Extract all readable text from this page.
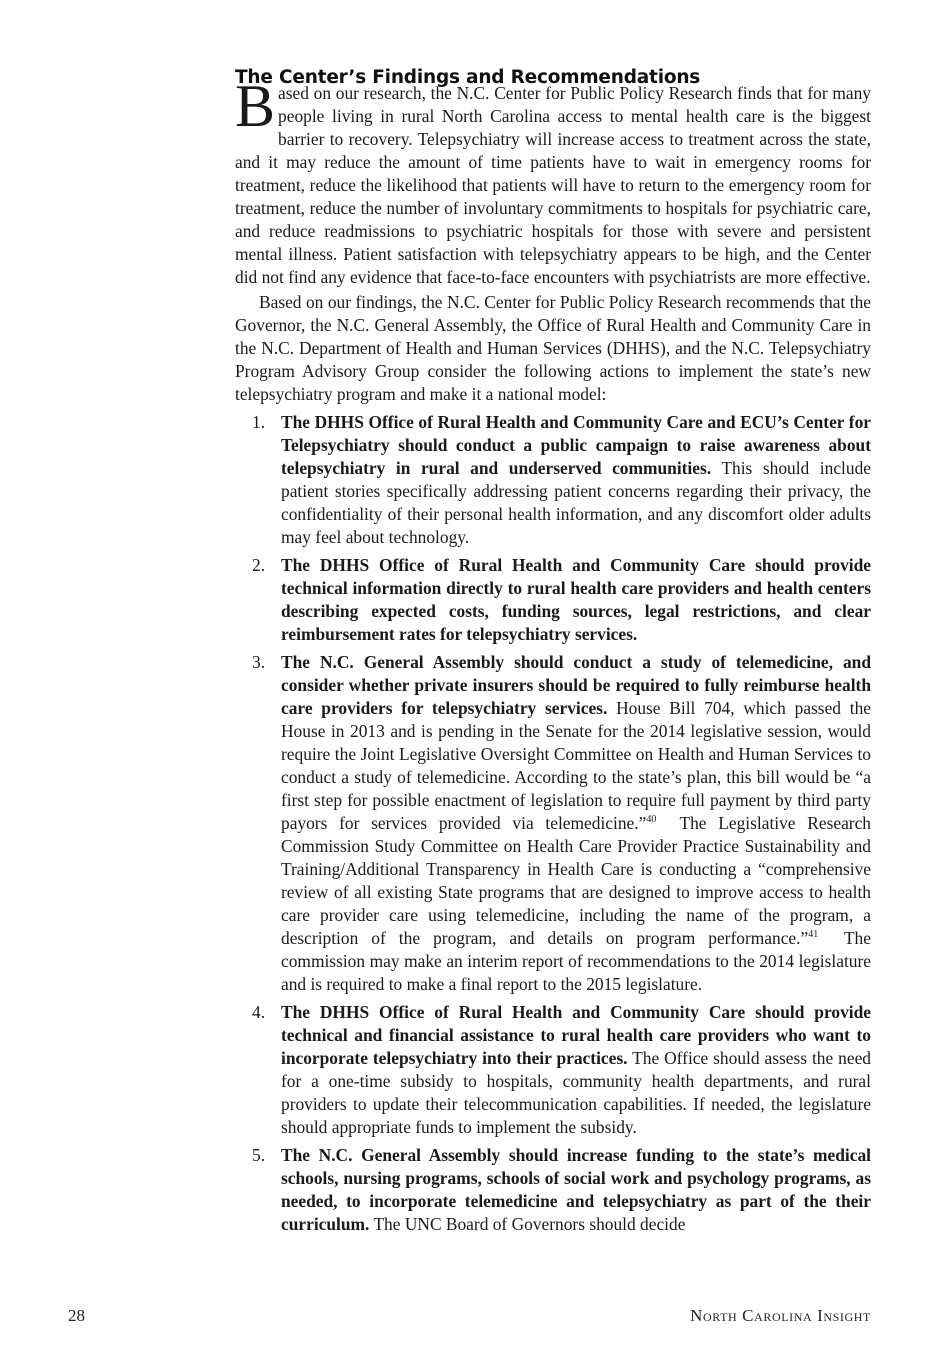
The Center’s Findings and Recommendations

Based on our research, the N.C. Center for Public Policy Research finds that for many people living in rural North Carolina access to mental health care is the biggest barrier to recovery. Telepsychiatry will increase access to treatment across the state, and it may reduce the amount of time patients have to wait in emergency rooms for treatment, reduce the likelihood that patients will have to return to the emergency room for treatment, reduce the number of involuntary commitments to hospitals for psychiatric care, and reduce readmissions to psychiatric hospitals for those with severe and persistent mental illness. Patient satisfaction with telepsychiatry appears to be high, and the Center did not find any evidence that face-to-face encounters with psychiatrists are more effective.

Based on our findings, the N.C. Center for Public Policy Research recommends that the Governor, the N.C. General Assembly, the Office of Rural Health and Community Care in the N.C. Department of Health and Human Services (DHHS), and the N.C. Telepsychiatry Program Advisory Group consider the following actions to implement the state’s new telepsychiatry program and make it a national model:

1. The DHHS Office of Rural Health and Community Care and ECU’s Center for Telepsychiatry should conduct a public campaign to raise awareness about telepsychiatry in rural and underserved communities. This should include patient stories specifically addressing patient concerns regarding their privacy, the confidentiality of their personal health information, and any discomfort older adults may feel about technology.
2. The DHHS Office of Rural Health and Community Care should provide technical information directly to rural health care providers and health centers describing expected costs, funding sources, legal restrictions, and clear reimbursement rates for telepsychiatry services.
3. The N.C. General Assembly should conduct a study of telemedicine, and consider whether private insurers should be required to fully reimburse health care providers for telepsychiatry services. House Bill 704, which passed the House in 2013 and is pending in the Senate for the 2014 legislative session, would require the Joint Legislative Oversight Committee on Health and Human Services to conduct a study of telemedicine. According to the state’s plan, this bill would be “a first step for possible enactment of legislation to require full payment by third party payors for services provided via telemedicine.”$^{40}$ The Legislative Research Commission Study Committee on Health Care Provider Practice Sustainability and Training/Additional Transparency in Health Care is conducting a “comprehensive review of all existing State programs that are designed to improve access to health care provider care using telemedicine, including the name of the program, a description of the program, and details on program performance.”$^{41}$ The commission may make an interim report of recommendations to the 2014 legislature and is required to make a final report to the 2015 legislature.
4. The DHHS Office of Rural Health and Community Care should provide technical and financial assistance to rural health care providers who want to incorporate telepsychiatry into their practices. The Office should assess the need for a one-time subsidy to hospitals, community health departments, and rural providers to update their telecommunication capabilities. If needed, the legislature should appropriate funds to implement the subsidy.
5. The N.C. General Assembly should increase funding to the state’s medical schools, nursing programs, schools of social work and psychology programs, as needed, to incorporate telemedicine and telepsychiatry as part of the their curriculum. The UNC Board of Governors should decide
28	North Carolina Insight
